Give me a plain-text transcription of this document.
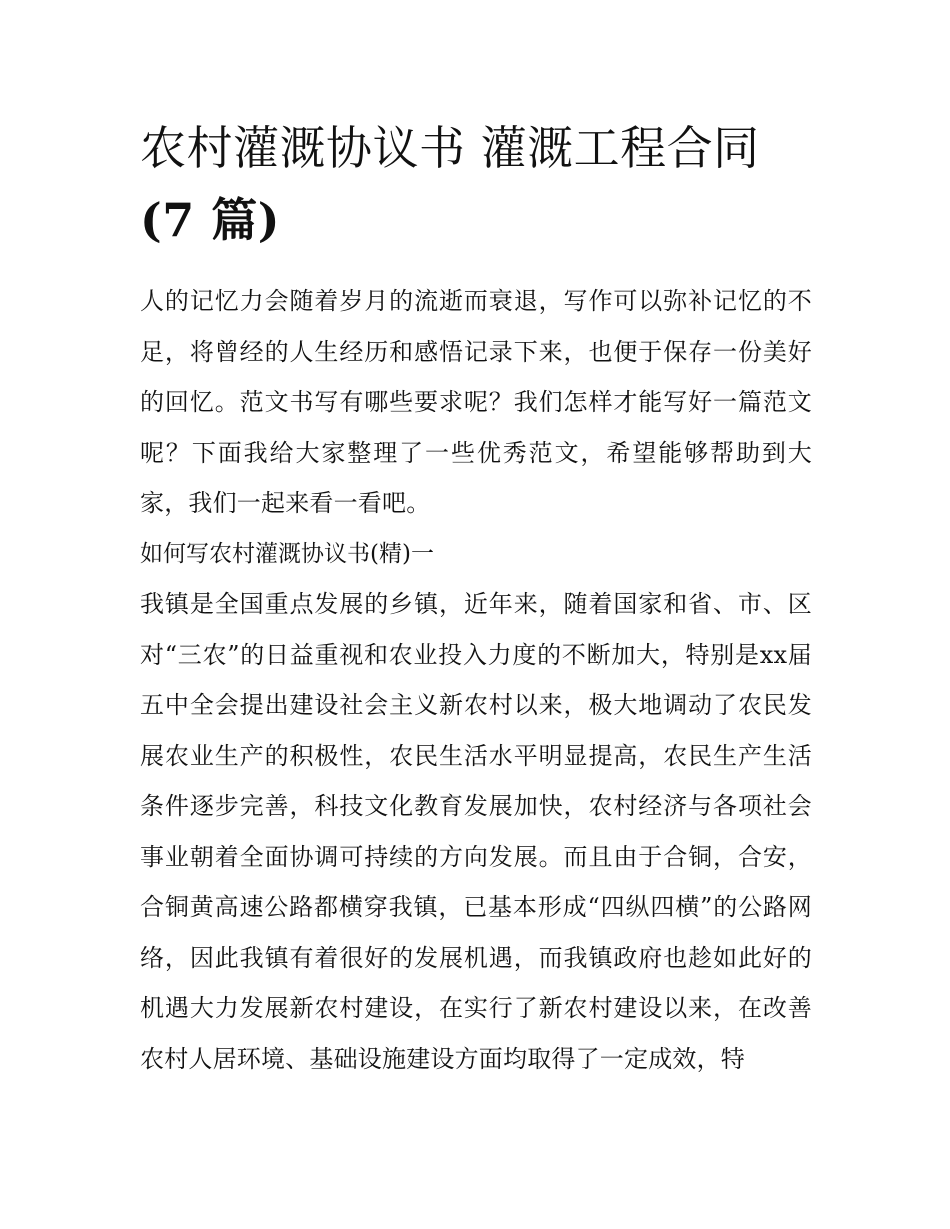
农村灌溉协议书 灌溉工程合同
(7 篇)

人的记忆力会随着岁月的流逝而衰退，写作可以弥补记忆的不足，将曾经的人生经历和感悟记录下来，也便于保存一份美好的回忆。范文书写有哪些要求呢？我们怎样才能写好一篇范文呢？下面我给大家整理了一些优秀范文，希望能够帮助到大家，我们一起来看一看吧。

如何写农村灌溉协议书(精)一

我镇是全国重点发展的乡镇，近年来，随着国家和省、市、区对“三农”的日益重视和农业投入力度的不断加大，特别是xx届五中全会提出建设社会主义新农村以来，极大地调动了农民发展农业生产的积极性，农民生活水平明显提高，农民生产生活条件逐步完善，科技文化教育发展加快，农村经济与各项社会事业朝着全面协调可持续的方向发展。而且由于合铜，合安，合铜黄高速公路都横穿我镇，已基本形成“四纵四横”的公路网络，因此我镇有着很好的发展机遇，而我镇政府也趁如此好的机遇大力发展新农村建设，在实行了新农村建设以来，在改善农村人居环境、基础设施建设方面均取得了一定成效，特
